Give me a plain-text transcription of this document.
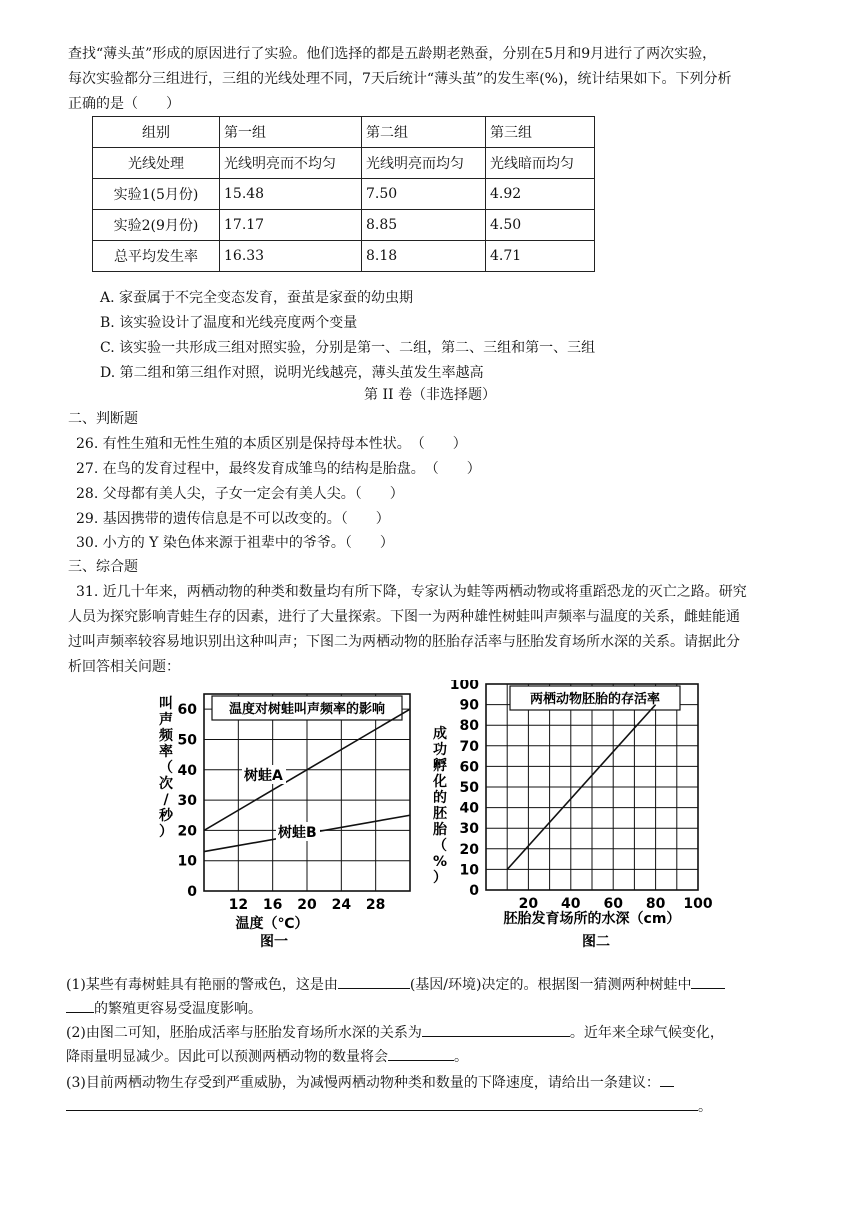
查找“薄头茧”形成的原因进行了实验。他们选择的都是五龄期老熟蚕，分别在5月和9月进行了两次实验，
每次实验都分三组进行，三组的光线处理不同，7天后统计“薄头茧”的发生率(%)，统计结果如下。下列分析
正确的是（　　）
组别	第一组	第二组	第三组
光线处理	光线明亮而不均匀	光线明亮而均匀	光线暗而均匀
实验1(5月份)	15.48	7.50	4.92
实验2(9月份)	17.17	8.85	4.50
总平均发生率	16.33	8.18	4.71
A. 家蚕属于不完全变态发育，蚕茧是家蚕的幼虫期
B. 该实验设计了温度和光线亮度两个变量
C. 该实验一共形成三组对照实验，分别是第一、二组，第二、三组和第一、三组
D. 第二组和第三组作对照，说明光线越亮，薄头茧发生率越高
第 II 卷（非选择题）
二、判断题
26. 有性生殖和无性生殖的本质区别是保持母本性状。　（　　）
27. 在鸟的发育过程中，最终发育成雏鸟的结构是胎盘。　（　　）
28. 父母都有美人尖，子女一定会有美人尖。（　　）
29. 基因携带的遗传信息是不可以改变的。（　　）
30. 小方的 Y 染色体来源于祖辈中的爷爷。（　　）
三、综合题
31. 近几十年来，两栖动物的种类和数量均有所下降，专家认为蛙等两栖动物或将重蹈恐龙的灭亡之路。研究
人员为探究影响青蛙生存的因素，进行了大量探索。下图一为两种雄性树蛙叫声频率与温度的关系，雌蛙能通
过叫声频率较容易地识别出这种叫声；下图二为两栖动物的胚胎存活率与胚胎发育场所水深的关系。请据此分
析回答相关问题：
12 16 20 24 28
0
10
20
30
40
50
60 温度对树蛙叫声频率的影响
树蛙A
树蛙B
叫
声
频
率
（
次
/
秒
）
温度（℃）
图一
20 40 60 80 100
0
10
20
30
40
50
60
70
80
90
100
两栖动物胚胎的存活率
成
功
孵
化
的
胚
胎
（
%
）
胚胎发育场所的水深（cm）
图二
(1)某些有毒树蛙具有艳丽的警戒色，这是由	(基因/环境)决定的。根据图一猜测两种树蛙中
的繁殖更容易受温度影响。
(2)由图二可知，胚胎成活率与胚胎发育场所水深的关系为	。近年来全球气候变化，
降雨量明显减少。因此可以预测两栖动物的数量将会	。
(3)目前两栖动物生存受到严重威胁，为减慢两栖动物种类和数量的下降速度，请给出一条建议：
。
